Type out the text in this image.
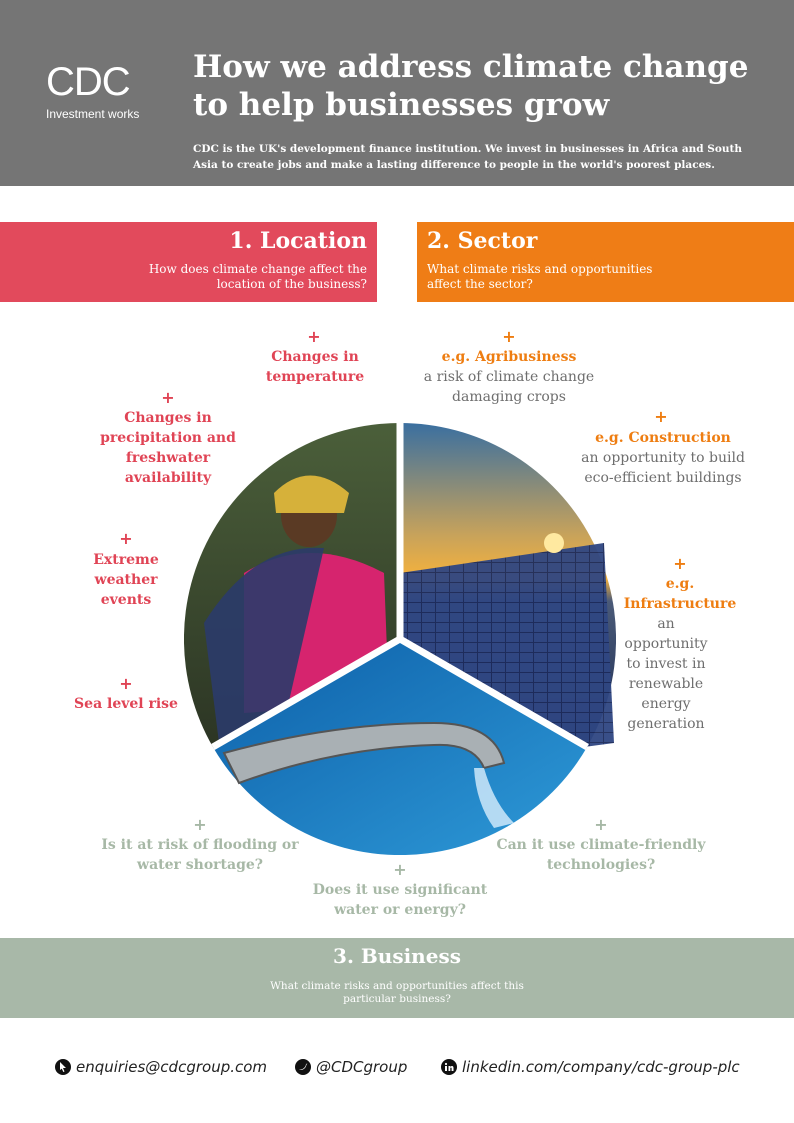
CDC
Investment works
How we address climate change to help businesses grow
CDC is the UK's development finance institution. We invest in businesses in Africa and South Asia to create jobs and make a lasting difference to people in the world's poorest places.
1. Location
How does climate change affect the location of the business?
2. Sector
What climate risks and opportunities affect the sector?
+
Changes in temperature
+
Changes in precipitation and freshwater availability
+
Extreme weather events
+
Sea level rise
+
e.g. Agribusiness
a risk of climate change damaging crops
+
e.g. Construction
an opportunity to build eco-efficient buildings
+
e.g. Infrastructure
an opportunity to invest in renewable energy generation
+
Is it at risk of flooding or water shortage?	+
Does it use significant water or energy?
+
Can it use climate-friendly technologies?
3. Business
What climate risks and opportunities affect this particular business?
enquiries@cdcgroup.com	@CDCgroup	linkedin.com/company/cdc-group-plc
